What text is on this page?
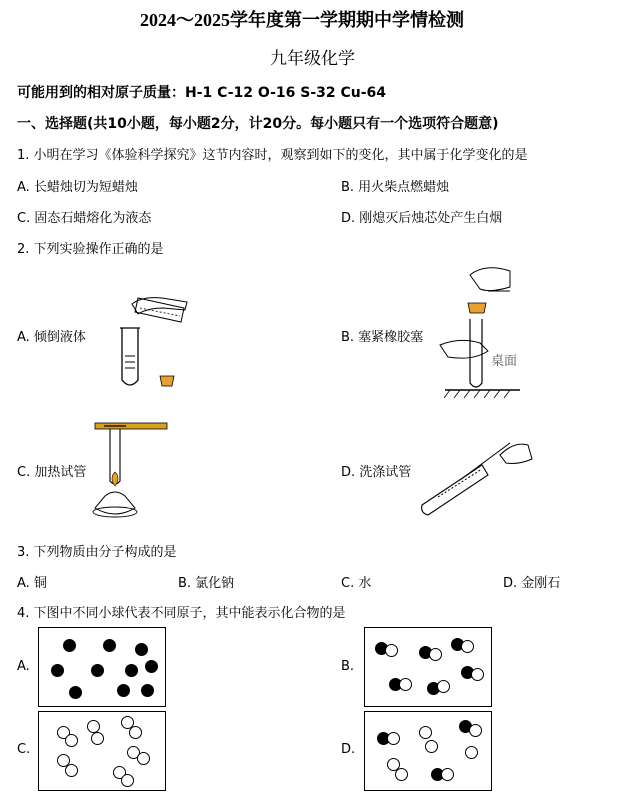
2024～2025学年度第一学期期中学情检测
九年级化学
可能用到的相对原子质量：H-1 C-12 O-16 S-32 Cu-64
一、选择题(共10小题，每小题2分，计20分。每小题只有一个选项符合题意)
1. 小明在学习《体验科学探究》这节内容时，观察到如下的变化，其中属于化学变化的是
A. 长蜡烛切为短蜡烛	B. 用火柴点燃蜡烛
C. 固态石蜡熔化为液态	D. 刚熄灭后烛芯处产生白烟
2. 下列实验操作正确的是
A. 倾倒液体	B. 塞紧橡胶塞
C. 加热试管	D. 洗涤试管
桌面
3. 下列物质由分子构成的是
A. 铜	B. 氯化钠	C. 水	D. 金刚石
4. 下图中不同小球代表不同原子，其中能表示化合物的是
A.	B.
C.	D.
